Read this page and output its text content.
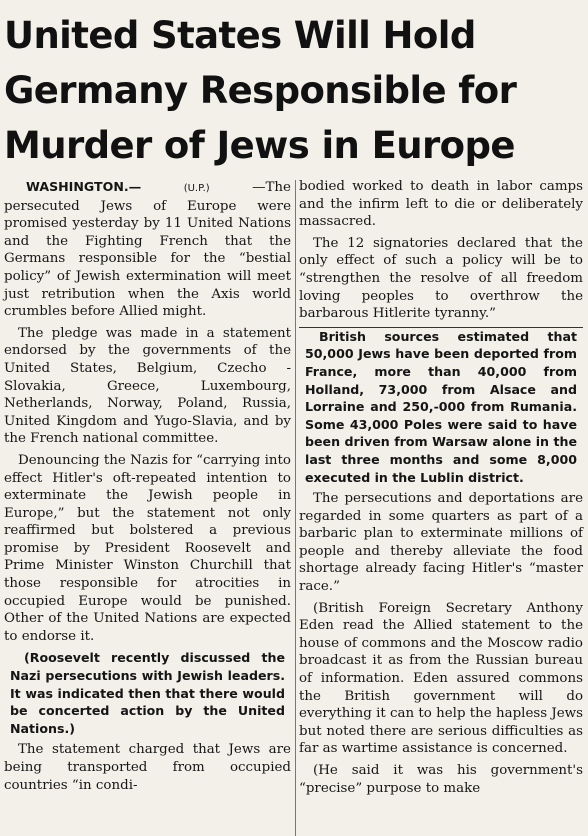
United States Will Hold
Germany Responsible for
Murder of Jews in Europe

WASHINGTON.—	(U.P.)	—The persecuted Jews of Europe were promised yesterday by 11 United Nations and the Fighting French that the Germans responsible for the “bestial policy” of Jewish extermination will meet just retribution when the Axis world crumbles before Allied might.

The pledge was made in a statement endorsed by the governments of the United States, Belgium, Czecho - Slovakia, Greece, Luxembourg, Netherlands, Norway, Poland, Russia, United Kingdom and Yugo-Slavia, and by the French national committee.

Denouncing the Nazis for “carrying into effect Hitler's oft-repeated intention to exterminate the Jewish people in Europe,” but the statement not only reaffirmed but bolstered a previous promise by President Roosevelt and Prime Minister Winston Churchill that those responsible for atrocities in occupied Europe would be punished. Other of the United Nations are expected to endorse it.

(Roosevelt recently discussed the Nazi persecutions with Jewish leaders. It was indicated then that there would be concerted action by the United Nations.)

The statement charged that Jews are being transported from occupied countries “in condi-

bodied worked to death in labor camps and the infirm left to die or deliberately massacred.

The 12 signatories declared that the only effect of such a policy will be to “strengthen the resolve of all freedom loving peoples to overthrow the barbarous Hitlerite tyranny.”

British sources estimated that 50,000 Jews have been deported from France, more than 40,000 from Holland, 73,000 from Alsace and Lorraine and 250,-000 from Rumania. Some 43,000 Poles were said to have been driven from Warsaw alone in the last three months and some 8,000 executed in the Lublin district.

The persecutions and deportations are regarded in some quarters as part of a barbaric plan to exterminate millions of people and thereby alleviate the food shortage already facing Hitler's “master race.”

(British Foreign Secretary Anthony Eden read the Allied statement to the house of commons and the Moscow radio broadcast it as from the Russian bureau of information. Eden assured commons the British government will do everything it can to help the hapless Jews but noted there are serious difficulties as far as wartime assistance is concerned.

(He said it was his government's “precise” purpose to make
